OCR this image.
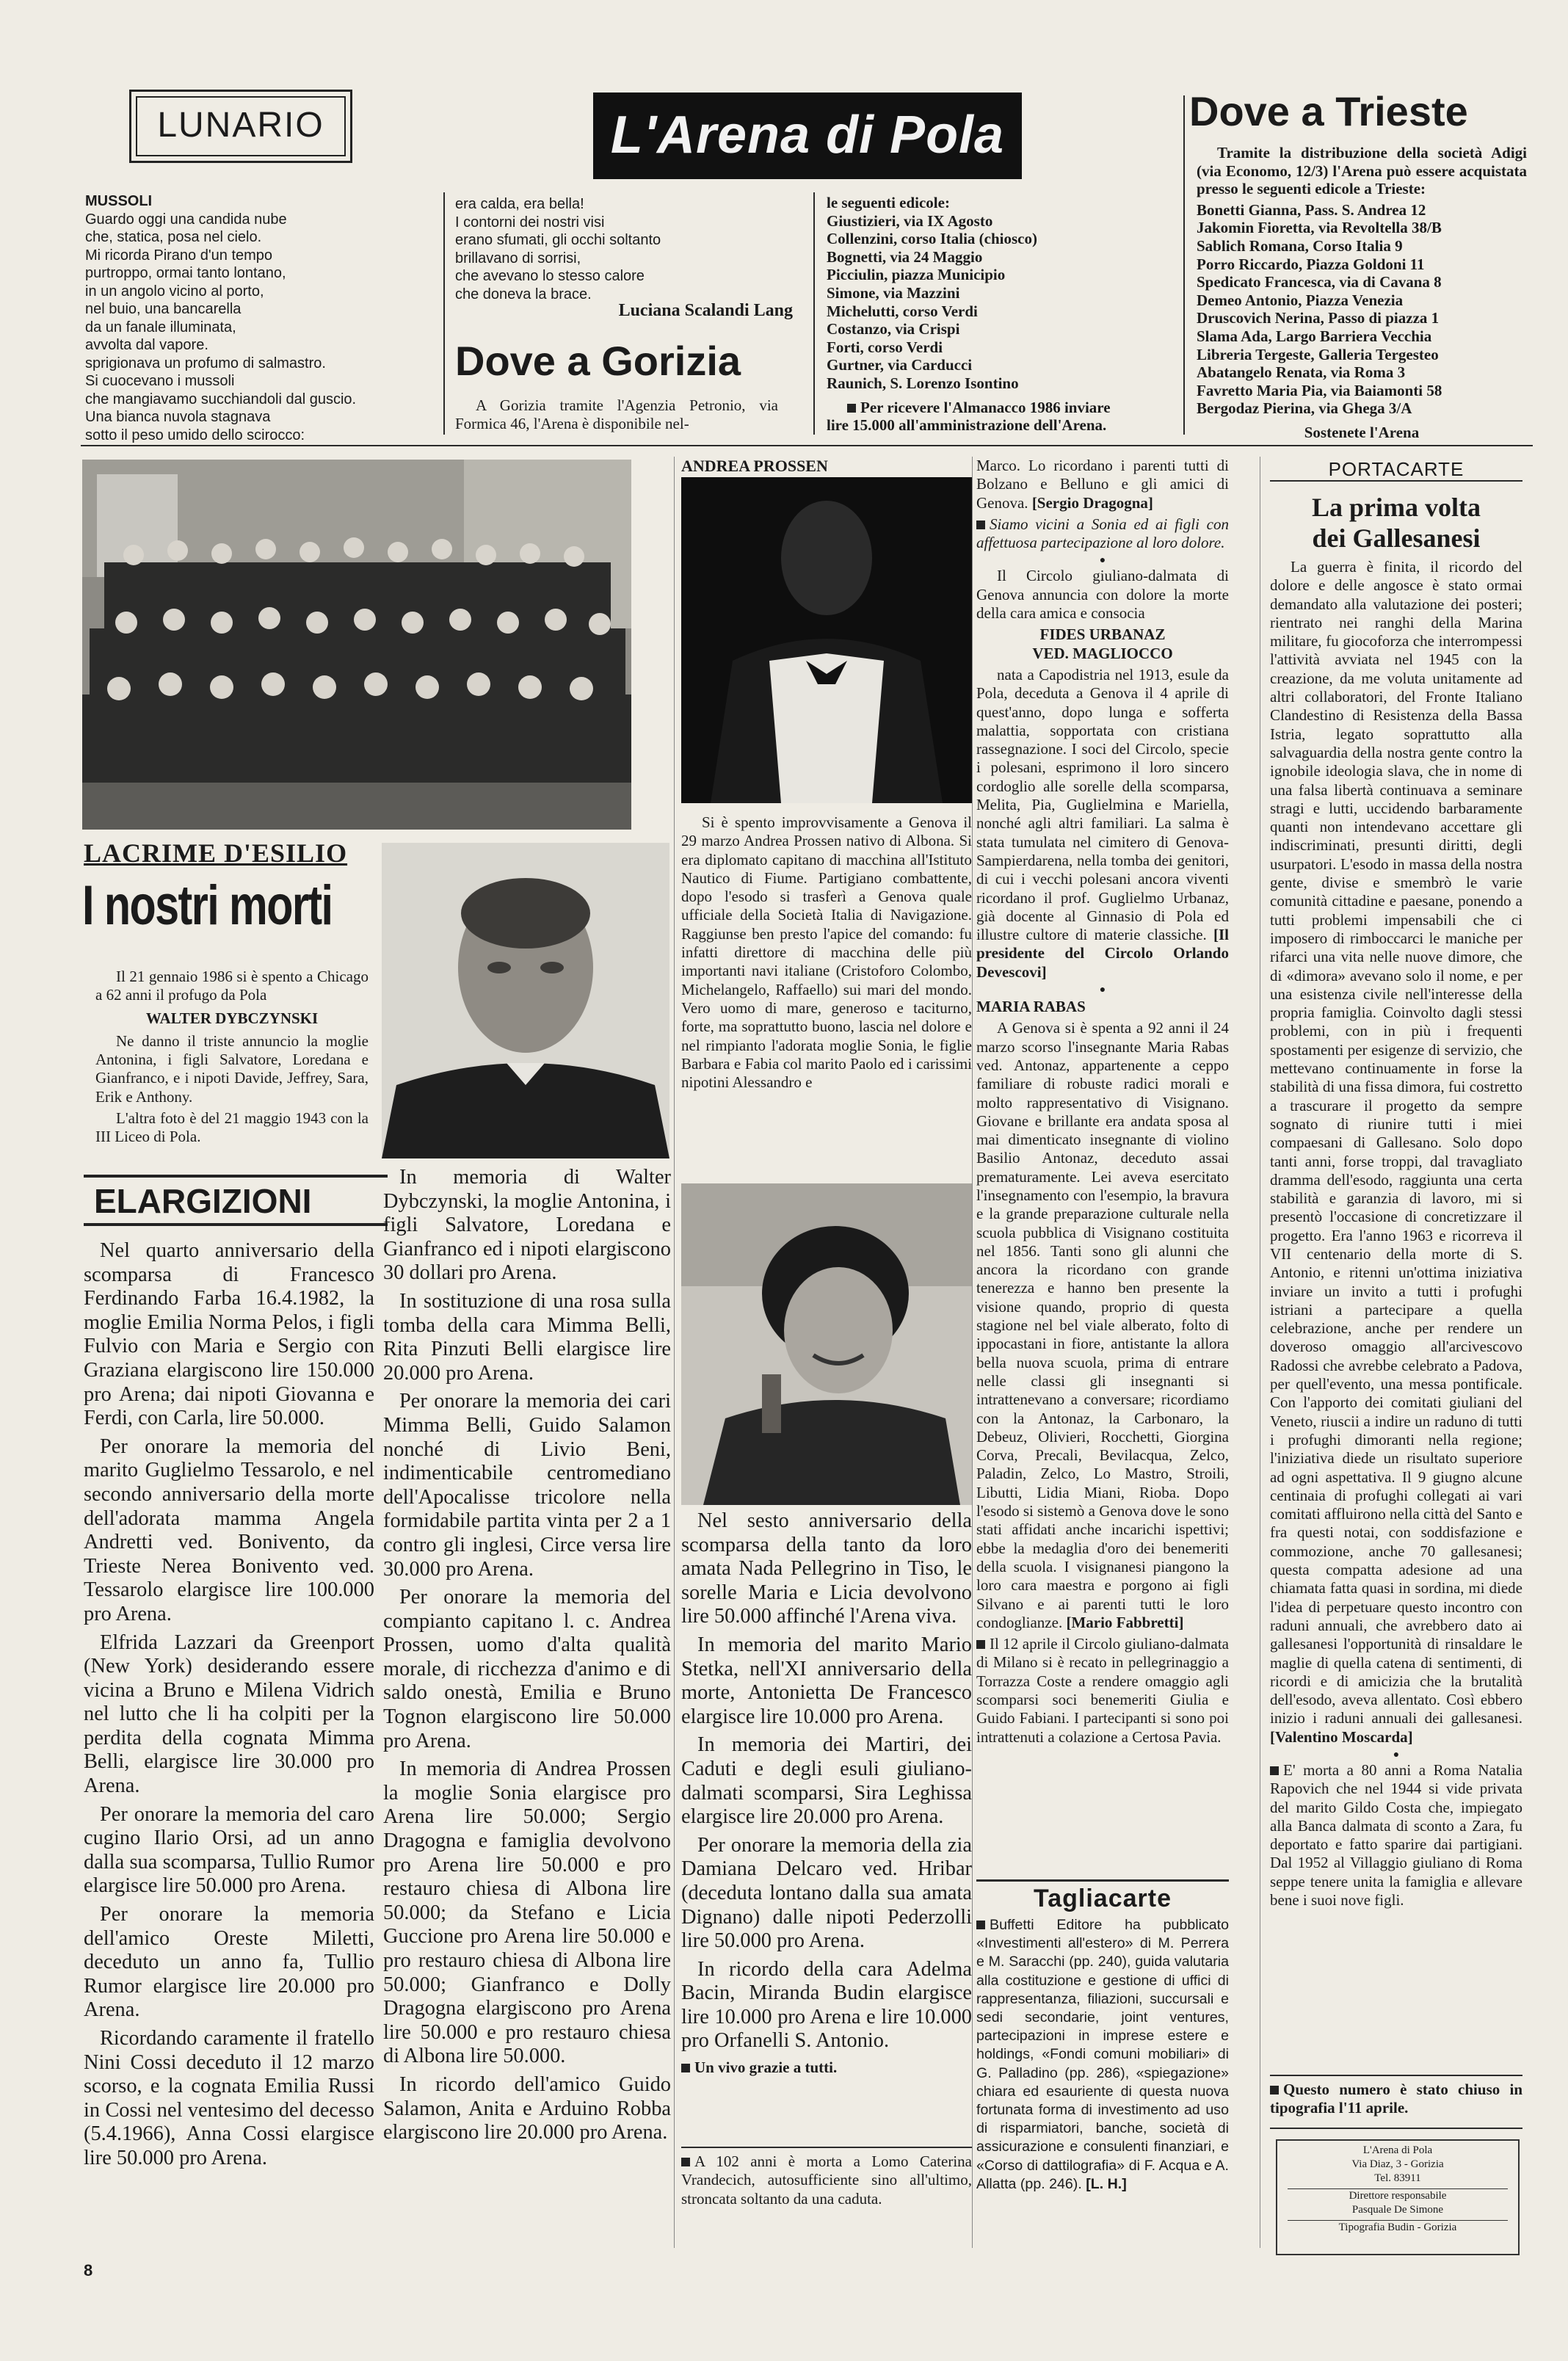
LUNARIO	L'Arena di Pola	Dove a Trieste
MUSSOLI
Guardo oggi una candida nube
che, statica, posa nel cielo.
Mi ricorda Pirano d'un tempo
purtroppo, ormai tanto lontano,
in un angolo vicino al porto,
nel buio, una bancarella
da un fanale illuminata,
avvolta dal vapore.
sprigionava un profumo di salmastro.
Si cuocevano i mussoli
che mangiavamo succhiandoli dal guscio.
Una bianca nuvola stagnava
sotto il peso umido dello scirocco:
era calda, era bella!
I contorni dei nostri visi
erano sfumati, gli occhi soltanto
brillavano di sorrisi,
che avevano lo stesso calore
che doneva la brace.
Luciana Scalandi Lang
Dove a Gorizia

A Gorizia tramite l'Agenzia Petronio, via Formica 46, l'Arena è disponibile nel-

le seguenti edicole:
Giustizieri, via IX Agosto
Collenzini, corso Italia (chiosco)
Bognetti, via 24 Maggio
Picciulin, piazza Municipio
Simone, via Mazzini
Michelutti, corso Verdi
Costanzo, via Crispi
Forti, corso Verdi
Gurtner, via Carducci
Raunich, S. Lorenzo Isontino
Per ricevere l'Almanacco 1986 inviare lire 15.000 all'amministrazione dell'Arena.

Tramite la distribuzione della società Adigi (via Economo, 12/3) l'Arena può essere acquistata presso le seguenti edicole a Trieste:

Bonetti Gianna, Pass. S. Andrea 12
Jakomin Fioretta, via Revoltella 38/B
Sablich Romana, Corso Italia 9
Porro Riccardo, Piazza Goldoni 11
Spedicato Francesca, via di Cavana 8
Demeo Antonio, Piazza Venezia
Druscovich Nerina, Passo di piazza 1
Slama Ada, Largo Barriera Vecchia
Libreria Tergeste, Galleria Tergesteo
Abatangelo Renata, via Roma 3
Favretto Maria Pia, via Baiamonti 58
Bergodaz Pierina, via Ghega 3/A
Sostenete l'Arena
LACRIME D'ESILIO
I nostri morti

Il 21 gennaio 1986 si è spento a Chicago a 62 anni il profugo da Pola

WALTER DYBCZYNSKI

Ne danno il triste annuncio la moglie Antonina, i figli Salvatore, Loredana e Gianfranco, e i nipoti Davide, Jeffrey, Sara, Erik e Anthony.

L'altra foto è del 21 maggio 1943 con la III Liceo di Pola.

ELARGIZIONI

Nel quarto anniversario della scomparsa di Francesco Ferdinando Farba 16.4.1982, la moglie Emilia Norma Pelos, i figli Fulvio con Maria e Sergio con Graziana elargiscono lire 150.000 pro Arena; dai nipoti Giovanna e Ferdi, con Carla, lire 50.000.

Per onorare la memoria del marito Guglielmo Tessarolo, e nel secondo anniversario della morte dell'adorata mamma Angela Andretti ved. Bonivento, da Trieste Nerea Bonivento ved. Tessarolo elargisce lire 100.000 pro Arena.

Elfrida Lazzari da Greenport (New York) desiderando essere vicina a Bruno e Milena Vidrich nel lutto che li ha colpiti per la perdita della cognata Mimma Belli, elargisce lire 30.000 pro Arena.

Per onorare la memoria del caro cugino Ilario Orsi, ad un anno dalla sua scomparsa, Tullio Rumor elargisce lire 50.000 pro Arena.

Per onorare la memoria dell'amico Oreste Miletti, deceduto un anno fa, Tullio Rumor elargisce lire 20.000 pro Arena.

Ricordando caramente il fratello Nini Cossi deceduto il 12 marzo scorso, e la cognata Emilia Russi in Cossi nel ventesimo del decesso (5.4.1966), Anna Cossi elargisce lire 50.000 pro Arena.

In memoria di Walter Dybczynski, la moglie Antonina, i figli Salvatore, Loredana e Gianfranco ed i nipoti elargiscono 30 dollari pro Arena.

In sostituzione di una rosa sulla tomba della cara Mimma Belli, Rita Pinzuti Belli elargisce lire 20.000 pro Arena.

Per onorare la memoria dei cari Mimma Belli, Guido Salamon nonché di Livio Beni, indimenticabile centromediano dell'Apocalisse tricolore nella formidabile partita vinta per 2 a 1 contro gli inglesi, Circe versa lire 30.000 pro Arena.

Per onorare la memoria del compianto capitano l. c. Andrea Prossen, uomo d'alta qualità morale, di ricchezza d'animo e di saldo onestà, Emilia e Bruno Tognon elargiscono lire 50.000 pro Arena.

In memoria di Andrea Prossen la moglie Sonia elargisce pro Arena lire 50.000; Sergio Dragogna e famiglia devolvono pro Arena lire 50.000 e pro restauro chiesa di Albona lire 50.000; da Stefano e Licia Guccione pro Arena lire 50.000 e pro restauro chiesa di Albona lire 50.000; Gianfranco e Dolly Dragogna elargiscono pro Arena lire 50.000 e pro restauro chiesa di Albona lire 50.000.

In ricordo dell'amico Guido Salamon, Anita e Arduino Robba elargiscono lire 20.000 pro Arena.

Nel sesto anniversario della scomparsa della tanto da loro amata Nada Pellegrino in Tiso, le sorelle Maria e Licia devolvono lire 50.000 affinché l'Arena viva.

In memoria del marito Mario Stetka, nell'XI anniversario della morte, Antonietta De Francesco elargisce lire 10.000 pro Arena.

In memoria dei Martiri, dei Caduti e degli esuli giuliano-dalmati scomparsi, Sira Leghissa elargisce lire 20.000 pro Arena.

Per onorare la memoria della zia Damiana Delcaro ved. Hribar (deceduta lontano dalla sua amata Dignano) dalle nipoti Pederzolli lire 50.000 pro Arena.

In ricordo della cara Adelma Bacin, Miranda Budin elargisce lire 10.000 pro Arena e lire 10.000 pro Orfanelli S. Antonio.

Un vivo grazie a tutti.

A 102 anni è morta a Lomo Caterina Vrandecich, autosufficiente sino all'ultimo, stroncata soltanto da una caduta.

ANDREA PROSSEN

Si è spento improvvisamente a Genova il 29 marzo Andrea Prossen nativo di Albona. Si era diplomato capitano di macchina all'Istituto Nautico di Fiume. Partigiano combattente, dopo l'esodo si trasferì a Genova quale ufficiale della Società Italia di Navigazione. Raggiunse ben presto l'apice del comando: fu infatti direttore di macchina delle più importanti navi italiane (Cristoforo Colombo, Michelangelo, Raffaello) sui mari del mondo. Vero uomo di mare, generoso e taciturno, forte, ma soprattutto buono, lascia nel dolore e nel rimpianto l'adorata moglie Sonia, le figlie Barbara e Fabia col marito Paolo ed i carissimi nipotini Alessandro e

Marco. Lo ricordano i parenti tutti di Bolzano e Belluno e gli amici di Genova. [Sergio Dragogna]

Siamo vicini a Sonia ed ai figli con affettuosa partecipazione al loro dolore.

●

Il Circolo giuliano-dalmata di Genova annuncia con dolore la morte della cara amica e consocia

FIDES URBANAZ

VED. MAGLIOCCO

nata a Capodistria nel 1913, esule da Pola, deceduta a Genova il 4 aprile di quest'anno, dopo lunga e sofferta malattia, sopportata con cristiana rassegnazione. I soci del Circolo, specie i polesani, esprimono il loro sincero cordoglio alle sorelle della scomparsa, Melita, Pia, Guglielmina e Mariella, nonché agli altri familiari. La salma è stata tumulata nel cimitero di Genova-Sampierdarena, nella tomba dei genitori, di cui i vecchi polesani ancora viventi ricordano il prof. Guglielmo Urbanaz, già docente al Ginnasio di Pola ed illustre cultore di materie classiche. [Il presidente del Circolo Orlando Devescovi]

●

MARIA RABAS

A Genova si è spenta a 92 anni il 24 marzo scorso l'insegnante Maria Rabas ved. Antonaz, appartenente a ceppo familiare di robuste radici morali e molto rappresentativo di Visignano. Giovane e brillante era andata sposa al mai dimenticato insegnante di violino Basilio Antonaz, deceduto assai prematuramente. Lei aveva esercitato l'insegnamento con l'esempio, la bravura e la grande preparazione culturale nella scuola pubblica di Visignano costituita nel 1856. Tanti sono gli alunni che ancora la ricordano con grande tenerezza e hanno ben presente la visione quando, proprio di questa stagione nel bel viale alberato, folto di ippocastani in fiore, antistante la allora bella nuova scuola, prima di entrare nelle classi gli insegnanti si intrattenevano a conversare; ricordiamo con la Antonaz, la Carbonaro, la Debeuz, Olivieri, Rocchetti, Giorgina Corva, Precali, Bevilacqua, Zelco, Paladin, Zelco, Lo Mastro, Stroili, Libutti, Lidia Miani, Rioba. Dopo l'esodo si sistemò a Genova dove le sono stati affidati anche incarichi ispettivi; ebbe la medaglia d'oro dei benemeriti della scuola. I visignanesi piangono la loro cara maestra e porgono ai figli Silvano e ai parenti tutti le loro condoglianze. [Mario Fabbretti]

Il 12 aprile il Circolo giuliano-dalmata di Milano si è recato in pellegrinaggio a Torrazza Coste a rendere omaggio agli scomparsi soci benemeriti Giulia e Guido Fabiani. I partecipanti si sono poi intrattenuti a colazione a Certosa Pavia.

Tagliacarte

Buffetti Editore ha pubblicato «Investimenti all'estero» di M. Perrera e M. Saracchi (pp. 240), guida valutaria alla costituzione e gestione di uffici di rappresentanza, filiazioni, succursali e sedi secondarie, joint ventures, partecipazioni in imprese estere e holdings, «Fondi comuni mobiliari» di G. Palladino (pp. 286), «spiegazione» chiara ed esauriente di questa nuova fortunata forma di investimento ad uso di risparmiatori, banche, società di assicurazione e consulenti finanziari, e «Corso di dattilografia» di F. Acqua e A. Allatta (pp. 246). [L. H.]

PORTACARTE
La prima volta
dei Gallesanesi

La guerra è finita, il ricordo del dolore e delle angosce è stato ormai demandato alla valutazione dei posteri; rientrato nei ranghi della Marina militare, fu giocoforza che interrompessi l'attività avviata nel 1945 con la creazione, da me voluta unitamente ad altri collaboratori, del Fronte Italiano Clandestino di Resistenza della Bassa Istria, legato soprattutto alla salvaguardia della nostra gente contro la ignobile ideologia slava, che in nome di una falsa libertà continuava a seminare stragi e lutti, uccidendo barbaramente quanti non intendevano accettare gli indiscriminati, presunti diritti, degli usurpatori. L'esodo in massa della nostra gente, divise e smembrò le varie comunità cittadine e paesane, ponendo a tutti problemi impensabili che ci imposero di rimboccarci le maniche per rifarci una vita nelle nuove dimore, che di «dimora» avevano solo il nome, e per una esistenza civile nell'interesse della propria famiglia. Coinvolto dagli stessi problemi, con in più i frequenti spostamenti per esigenze di servizio, che mettevano continuamente in forse la stabilità di una fissa dimora, fui costretto a trascurare il progetto da sempre sognato di riunire tutti i miei compaesani di Gallesano. Solo dopo tanti anni, forse troppi, dal travagliato dramma dell'esodo, raggiunta una certa stabilità e garanzia di lavoro, mi si presentò l'occasione di concretizzare il progetto. Era l'anno 1963 e ricorreva il VII centenario della morte di S. Antonio, e ritenni un'ottima iniziativa inviare un invito a tutti i profughi istriani a partecipare a quella celebrazione, anche per rendere un doveroso omaggio all'arcivescovo Radossi che avrebbe celebrato a Padova, per quell'evento, una messa pontificale. Con l'apporto dei comitati giuliani del Veneto, riuscii a indire un raduno di tutti i profughi dimoranti nella regione; l'iniziativa diede un risultato superiore ad ogni aspettativa. Il 9 giugno alcune centinaia di profughi collegati ai vari comitati affluirono nella città del Santo e fra questi notai, con soddisfazione e commozione, anche 70 gallesanesi; questa compatta adesione ad una chiamata fatta quasi in sordina, mi diede l'idea di perpetuare questo incontro con raduni annuali, che avrebbero dato ai gallesanesi l'opportunità di rinsaldare le maglie di quella catena di sentimenti, di ricordi e di amicizia che la brutalità dell'esodo, aveva allentato. Così ebbero inizio i raduni annuali dei gallesanesi. [Valentino Moscarda]

●

E' morta a 80 anni a Roma Natalia Rapovich che nel 1944 si vide privata del marito Gildo Costa che, impiegato alla Banca dalmata di sconto a Zara, fu deportato e fatto sparire dai partigiani. Dal 1952 al Villaggio giuliano di Roma seppe tenere unita la famiglia e allevare bene i suoi nove figli.

Questo numero è stato chiuso in tipografia l'11 aprile.

L'Arena di Pola
Via Diaz, 3 - Gorizia
Tel. 83911
Direttore responsabile
Pasquale De Simone
Tipografia Budin - Gorizia
8
